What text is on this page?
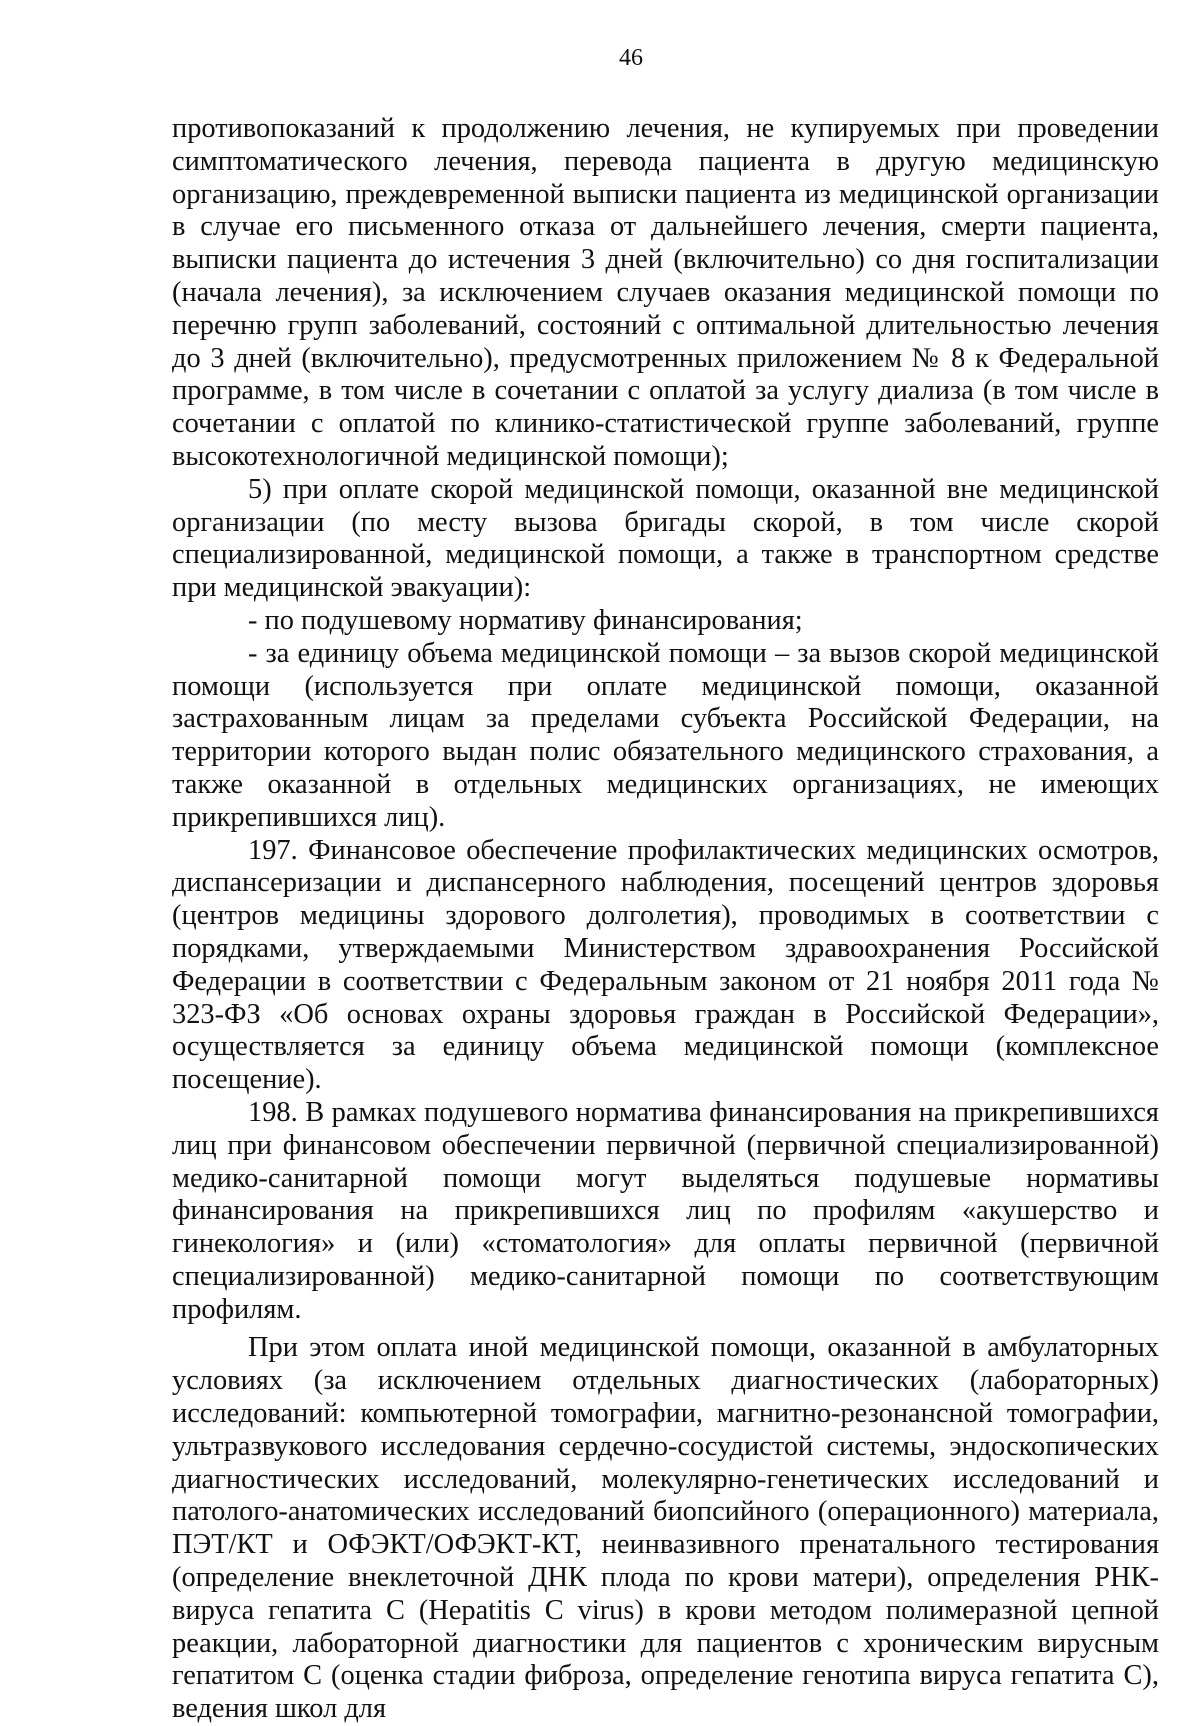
46

противопоказаний к продолжению лечения, не купируемых при проведении симптоматического лечения, перевода пациента в другую медицинскую организацию, преждевременной выписки пациента из медицинской организации в случае его письменного отказа от дальнейшего лечения, смерти пациента, выписки пациента до истечения 3 дней (включительно) со дня госпитализации (начала лечения), за исключением случаев оказания медицинской помощи по перечню групп заболеваний, состояний с оптимальной длительностью лечения до 3 дней (включительно), предусмотренных приложением № 8 к Федеральной программе, в том числе в сочетании с оплатой за услугу диализа (в том числе в сочетании с оплатой по клинико-статистической группе заболеваний, группе высокотехнологичной медицинской помощи);

5) при оплате скорой медицинской помощи, оказанной вне медицинской организации (по месту вызова бригады скорой, в том числе скорой специализированной, медицинской помощи, а также в транспортном средстве при медицинской эвакуации):

- по подушевому нормативу финансирования;

- за единицу объема медицинской помощи – за вызов скорой медицинской помощи (используется при оплате медицинской помощи, оказанной застрахованным лицам за пределами субъекта Российской Федерации, на территории которого выдан полис обязательного медицинского страхования, а также оказанной в отдельных медицинских организациях, не имеющих прикрепившихся лиц).

197. Финансовое обеспечение профилактических медицинских осмотров, диспансеризации и диспансерного наблюдения, посещений центров здоровья (центров медицины здорового долголетия), проводимых в соответствии с порядками, утверждаемыми Министерством здравоохранения Российской Федерации в соответствии с Федеральным законом от 21 ноября 2011 года № 323-ФЗ «Об основах охраны здоровья граждан в Российской Федерации», осуществляется за единицу объема медицинской помощи (комплексное посещение).

198. В рамках подушевого норматива финансирования на прикрепившихся лиц при финансовом обеспечении первичной (первичной специализированной) медико-санитарной помощи могут выделяться подушевые нормативы финансирования на прикрепившихся лиц по профилям «акушерство и гинекология» и (или) «стоматология» для оплаты первичной (первичной специализированной) медико-санитарной помощи по соответствующим профилям.

При этом оплата иной медицинской помощи, оказанной в амбулаторных условиях (за исключением отдельных диагностических (лабораторных) исследований: компьютерной томографии, магнитно-резонансной томографии, ультразвукового исследования сердечно-сосудистой системы, эндоскопических диагностических исследований, молекулярно-генетических исследований и патолого-анатомических исследований биопсийного (операционного) материала, ПЭТ/КТ и ОФЭКТ/ОФЭКТ-КТ, неинвазивного пренатального тестирования (определение внеклеточной ДНК плода по крови матери), определения РНК-вируса гепатита С (Hepatitis C virus) в крови методом полимеразной цепной реакции, лабораторной диагностики для пациентов с хроническим вирусным гепатитом С (оценка стадии фиброза, определение генотипа вируса гепатита С), ведения школ для
